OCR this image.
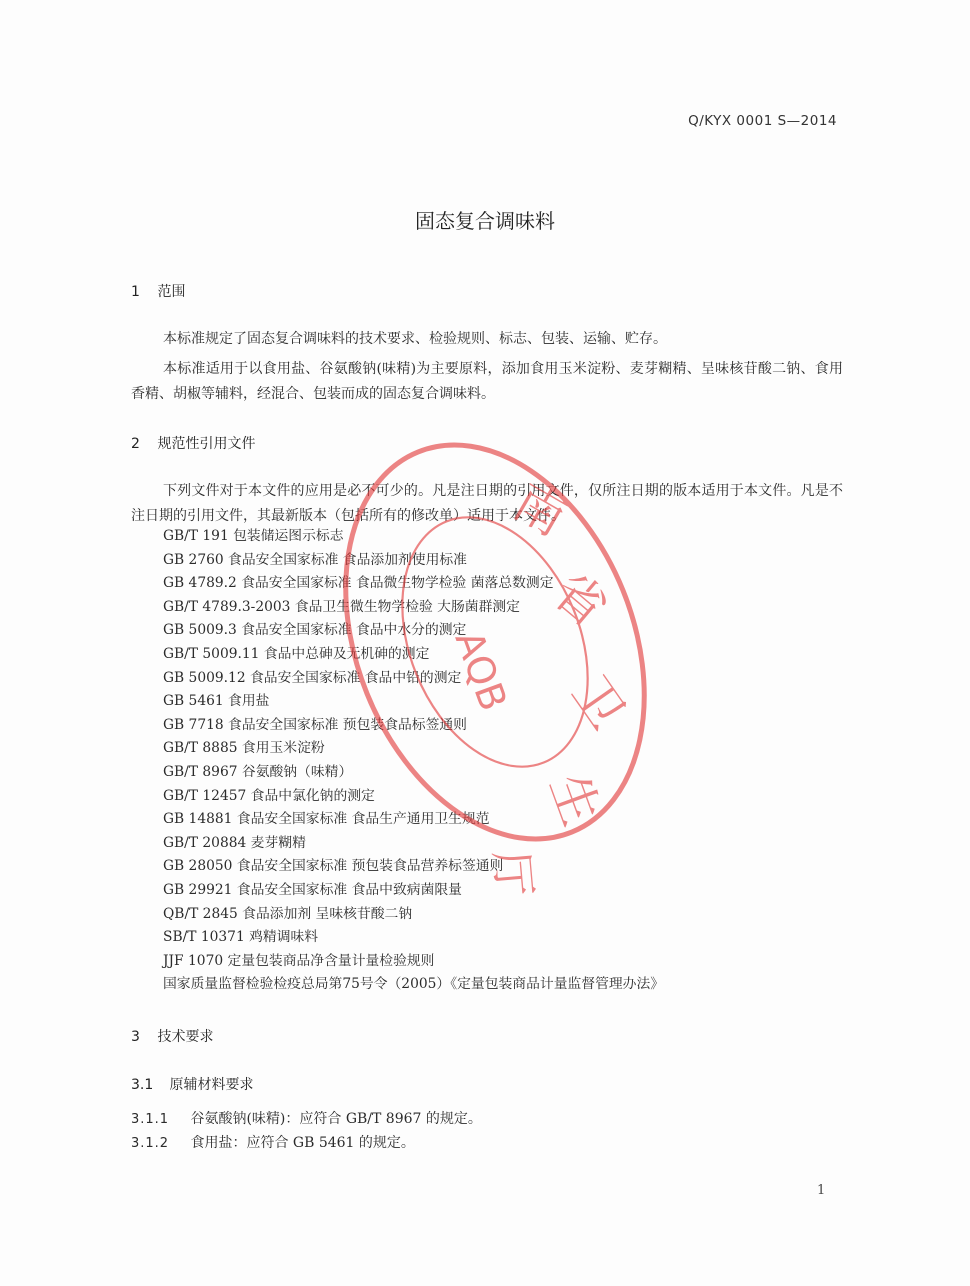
Q/KYX 0001 S—2014
固态复合调味料
1 范围
本标准规定了固态复合调味料的技术要求、检验规则、标志、包装、运输、贮存。
本标准适用于以食用盐、谷氨酸钠(味精)为主要原料，添加食用玉米淀粉、麦芽糊精、呈味核苷酸二钠、食用香精、胡椒等辅料，经混合、包装而成的固态复合调味料。
2 规范性引用文件
下列文件对于本文件的应用是必不可少的。凡是注日期的引用文件，仅所注日期的版本适用于本文件。凡是不注日期的引用文件，其最新版本（包括所有的修改单）适用于本文件。
GB/T 191 包装储运图示标志
GB 2760 食品安全国家标准 食品添加剂使用标准
GB 4789.2 食品安全国家标准 食品微生物学检验 菌落总数测定
GB/T 4789.3-2003 食品卫生微生物学检验 大肠菌群测定
GB 5009.3 食品安全国家标准 食品中水分的测定
GB/T 5009.11 食品中总砷及无机砷的测定
GB 5009.12 食品安全国家标准 食品中铅的测定
GB 5461 食用盐
GB 7718 食品安全国家标准 预包装食品标签通则
GB/T 8885 食用玉米淀粉
GB/T 8967 谷氨酸钠（味精）
GB/T 12457 食品中氯化钠的测定
GB 14881 食品安全国家标准 食品生产通用卫生规范
GB/T 20884 麦芽糊精
GB 28050 食品安全国家标准 预包装食品营养标签通则
GB 29921 食品安全国家标准 食品中致病菌限量
QB/T 2845 食品添加剂 呈味核苷酸二钠
SB/T 10371 鸡精调味料
JJF 1070 定量包装商品净含量计量检验规则
国家质量监督检验检疫总局第75号令（2005）《定量包装商品计量监督管理办法》
3 技术要求
3.1 原辅材料要求
3.1.1 谷氨酸钠(味精)：应符合 GB/T 8967 的规定。
3.1.2 食用盐：应符合 GB 5461 的规定。
1
南
省
卫
生
厅
AQB
